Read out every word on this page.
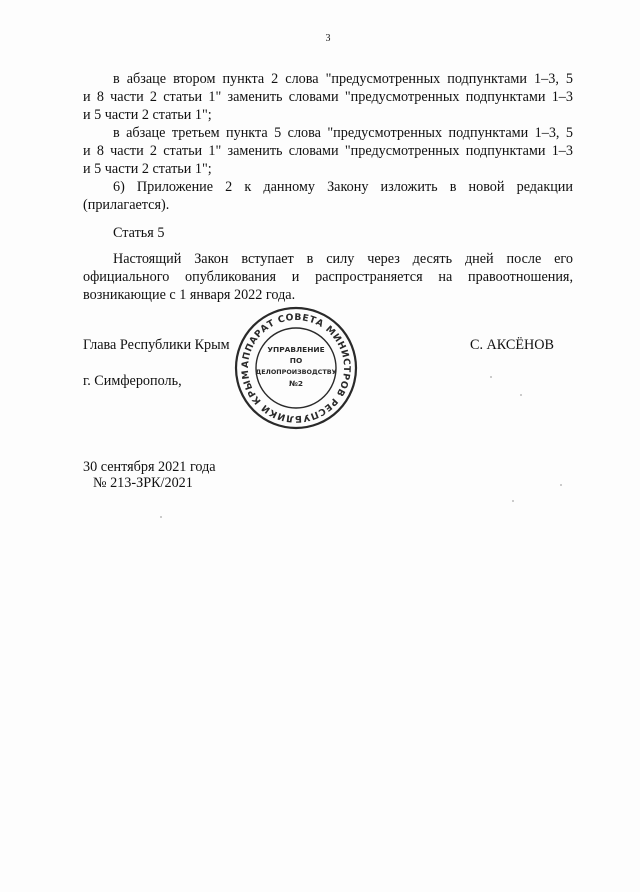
3
в абзаце втором пункта 2 слова "предусмотренных подпунктами 1–3, 5
и 8 части 2 статьи 1" заменить словами "предусмотренных подпунктами 1–3
и 5 части 2 статьи 1";
в абзаце третьем пункта 5 слова "предусмотренных подпунктами 1–3, 5
и 8 части 2 статьи 1" заменить словами "предусмотренных подпунктами 1–3
и 5 части 2 статьи 1";
6) Приложение 2 к данному Закону изложить в новой редакции
(прилагается).
Статья 5
Настоящий Закон вступает в силу через десять дней после его
официального опубликования и распространяется на правоотношения,
возникающие с 1 января 2022 года.
Глава Республики Крым	С. АКСЁНОВ
г. Симферополь,
АППАРАТ СОВЕТА МИНИСТРОВ РЕСПУБЛИКИ КРЫМ
УПРАВЛЕНИЕ
ПО
ДЕЛОПРОИЗВОДСТВУ
№2
30 сентября 2021 года
№ 213-ЗРК/2021
